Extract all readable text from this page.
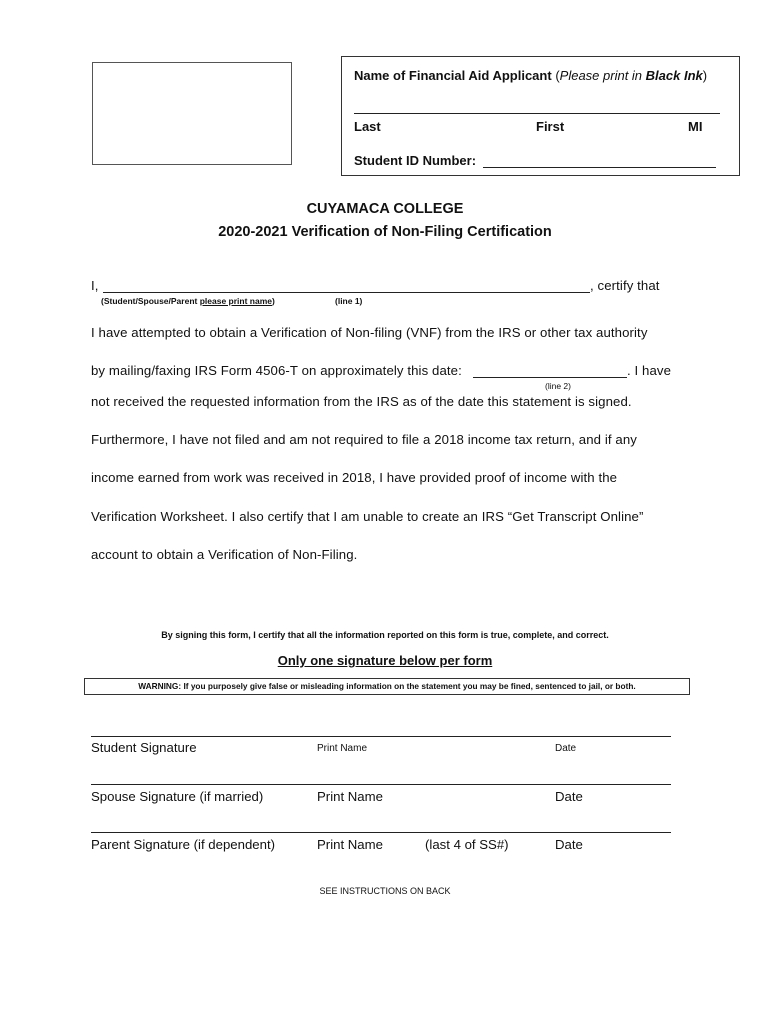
Name of Financial Aid Applicant (Please print in Black Ink)
Last	First	MI
Student ID Number:
CUYAMACA COLLEGE
2020-2021 Verification of Non-Filing Certification
I,	, certify that
(Student/Spouse/Parent please print name)	(line 1)
I have attempted to obtain a Verification of Non-filing (VNF) from the IRS or other tax authority
by mailing/faxing IRS Form 4506-T on approximately this date:	. I have
(line 2)
not received the requested information from the IRS as of the date this statement is signed.
Furthermore, I have not filed and am not required to file a 2018 income tax return, and if any
income earned from work was received in 2018, I have provided proof of income with the
Verification Worksheet. I also certify that I am unable to create an IRS “Get Transcript Online”
account to obtain a Verification of Non-Filing.
By signing this form, I certify that all the information reported on this form is true, complete, and correct.
Only one signature below per form
WARNING: If you purposely give false or misleading information on the statement you may be fined, sentenced to jail, or both.
Student Signature	Print Name	Date
Spouse Signature (if married)	Print Name	Date
Parent Signature (if dependent)	Print Name	(last 4 of SS#)	Date
SEE INSTRUCTIONS ON BACK
